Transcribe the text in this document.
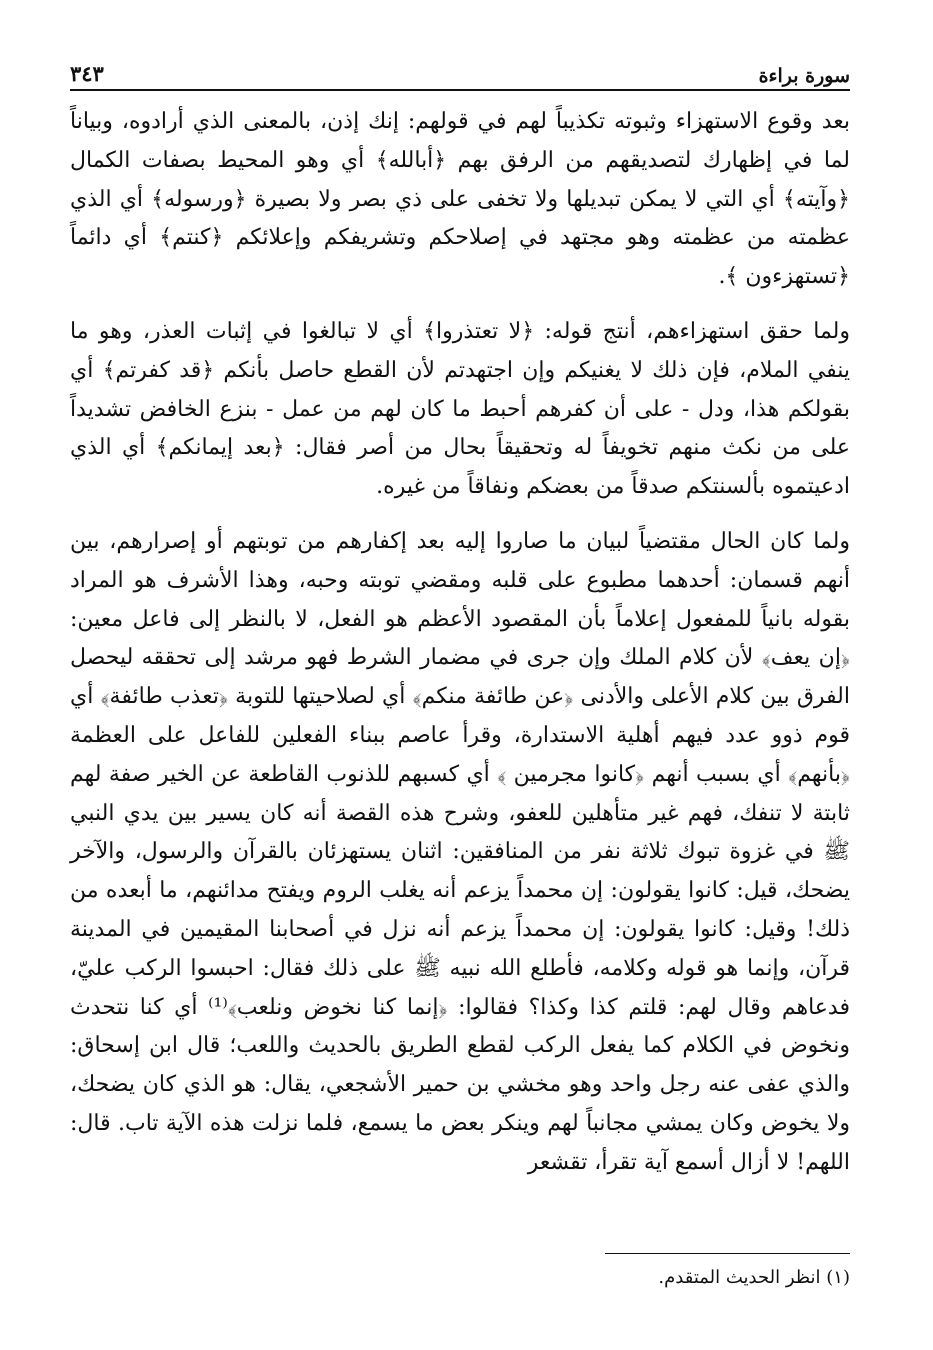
سورة براءة
٣٤٣

بعد وقوع الاستهزاء وثبوته تكذيباً لهم في قولهم: إنك إذن، بالمعنى الذي أرادوه، وبياناً لما في إظهارك لتصديقهم من الرفق بهم ﴿أبالله﴾ أي وهو المحيط بصفات الكمال ﴿وآيته﴾ أي التي لا يمكن تبديلها ولا تخفى على ذي بصر ولا بصيرة ﴿ورسوله﴾ أي الذي عظمته من عظمته وهو مجتهد في إصلاحكم وتشريفكم وإعلائكم ﴿كنتم﴾ أي دائماً ﴿تستهزءون ﴾.

ولما حقق استهزاءهم، أنتج قوله: ﴿لا تعتذروا﴾ أي لا تبالغوا في إثبات العذر، وهو ما ينفي الملام، فإن ذلك لا يغنيكم وإن اجتهدتم لأن القطع حاصل بأنكم ﴿قد كفرتم﴾ أي بقولكم هذا، ودل - على أن كفرهم أحبط ما كان لهم من عمل - بنزع الخافض تشديداً على من نكث منهم تخويفاً له وتحقيقاً بحال من أصر فقال: ﴿بعد إيمانكم﴾ أي الذي ادعيتموه بألسنتكم صدقاً من بعضكم ونفاقاً من غيره.

ولما كان الحال مقتضياً لبيان ما صاروا إليه بعد إكفارهم من توبتهم أو إصرارهم، بين أنهم قسمان: أحدهما مطبوع على قلبه ومقضي توبته وحبه، وهذا الأشرف هو المراد بقوله بانياً للمفعول إعلاماً بأن المقصود الأعظم هو الفعل، لا بالنظر إلى فاعل معين: ﴿إن يعف﴾ لأن كلام الملك وإن جرى في مضمار الشرط فهو مرشد إلى تحققه ليحصل الفرق بين كلام الأعلى والأدنى ﴿عن طائفة منكم﴾ أي لصلاحيتها للتوبة ﴿تعذب طائفة﴾ أي قوم ذوو عدد فيهم أهلية الاستدارة، وقرأ عاصم ببناء الفعلين للفاعل على العظمة ﴿بأنهم﴾ أي بسبب أنهم ﴿كانوا مجرمين ﴾ أي كسبهم للذنوب القاطعة عن الخير صفة لهم ثابتة لا تنفك، فهم غير متأهلين للعفو، وشرح هذه القصة أنه كان يسير بين يدي النبي ﷺ في غزوة تبوك ثلاثة نفر من المنافقين: اثنان يستهزئان بالقرآن والرسول، والآخر يضحك، قيل: كانوا يقولون: إن محمداً يزعم أنه يغلب الروم ويفتح مدائنهم، ما أبعده من ذلك! وقيل: كانوا يقولون: إن محمداً يزعم أنه نزل في أصحابنا المقيمين في المدينة قرآن، وإنما هو قوله وكلامه، فأطلع الله نبيه ﷺ على ذلك فقال: احبسوا الركب عليّ، فدعاهم وقال لهم: قلتم كذا وكذا؟ فقالوا: ﴿إنما كنا نخوض ونلعب﴾⁽¹⁾ أي كنا نتحدث ونخوض في الكلام كما يفعل الركب لقطع الطريق بالحديث واللعب؛ قال ابن إسحاق: والذي عفى عنه رجل واحد وهو مخشي بن حمير الأشجعي، يقال: هو الذي كان يضحك، ولا يخوض وكان يمشي مجانباً لهم وينكر بعض ما يسمع، فلما نزلت هذه الآية تاب. قال: اللهم! لا أزال أسمع آية تقرأ، تقشعر

(١) انظر الحديث المتقدم.
